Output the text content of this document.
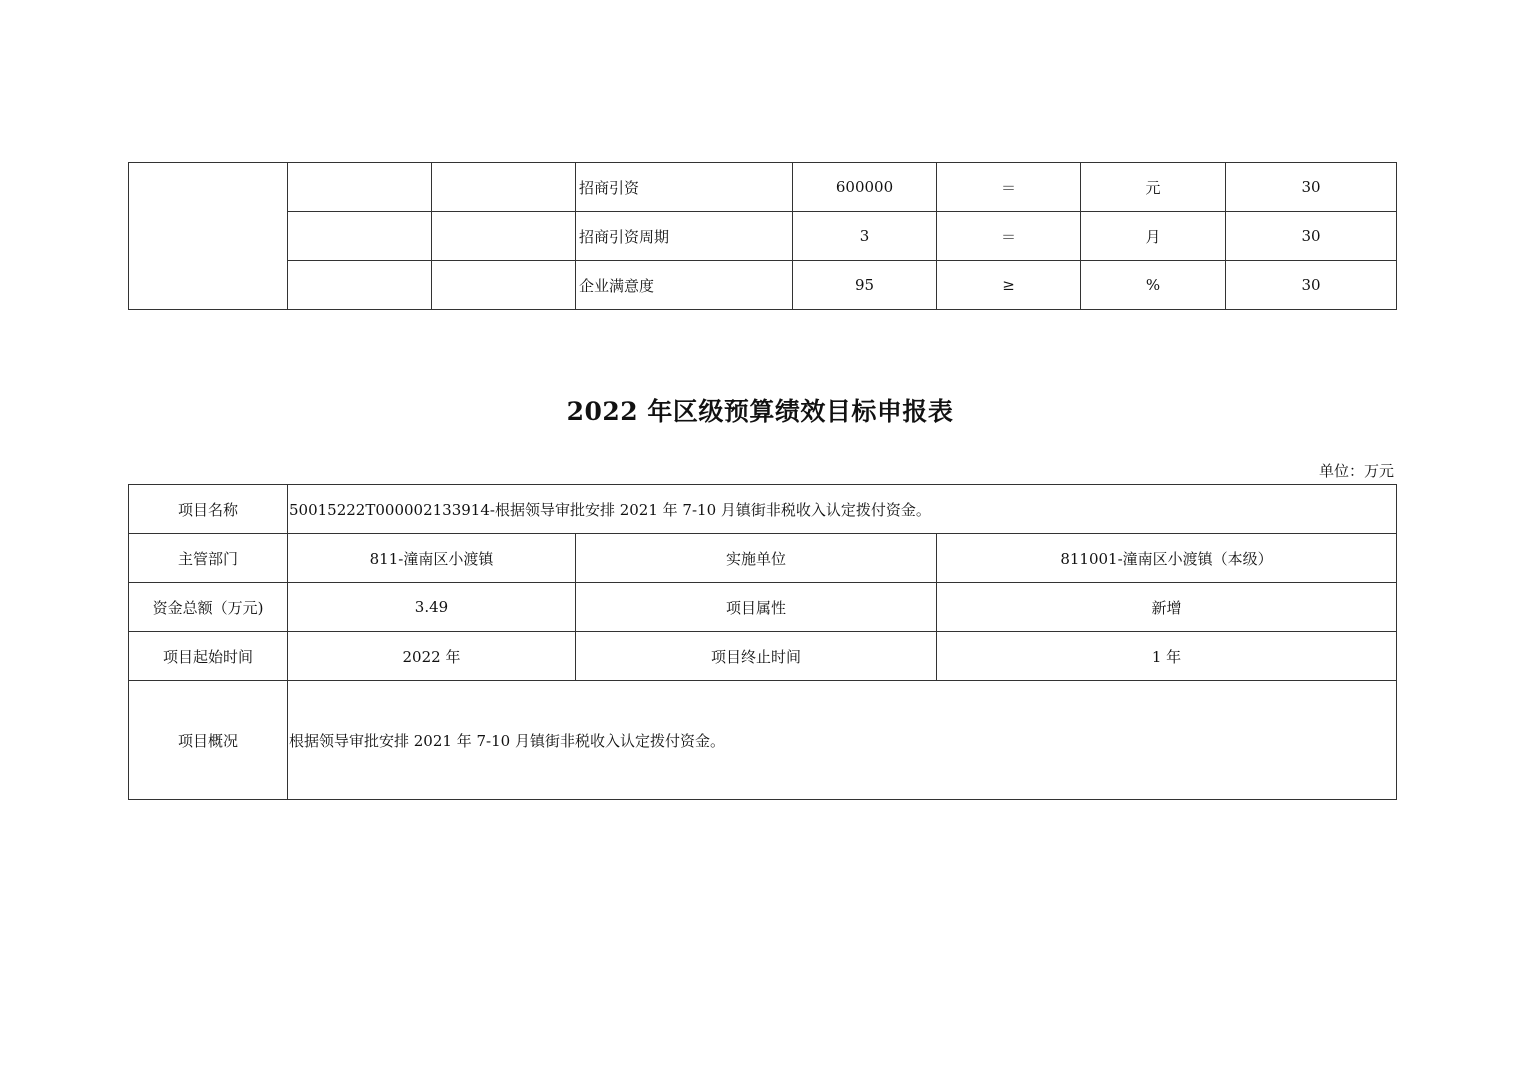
			招商引资	600000	＝	元	30
			招商引资周期	3	＝	月	30
			企业满意度	95	≥	%	30
2022 年区级预算绩效目标申报表
单位：万元
项目名称	50015222T000002133914-根据领导审批安排 2021 年 7-10 月镇街非税收入认定拨付资金。		
主管部门	811-潼南区小渡镇	实施单位	811001-潼南区小渡镇（本级）
资金总额（万元)	3.49	项目属性	新增
项目起始时间	2022 年	项目终止时间	1 年
项目概况	根据领导审批安排 2021 年 7-10 月镇街非税收入认定拨付资金。		
